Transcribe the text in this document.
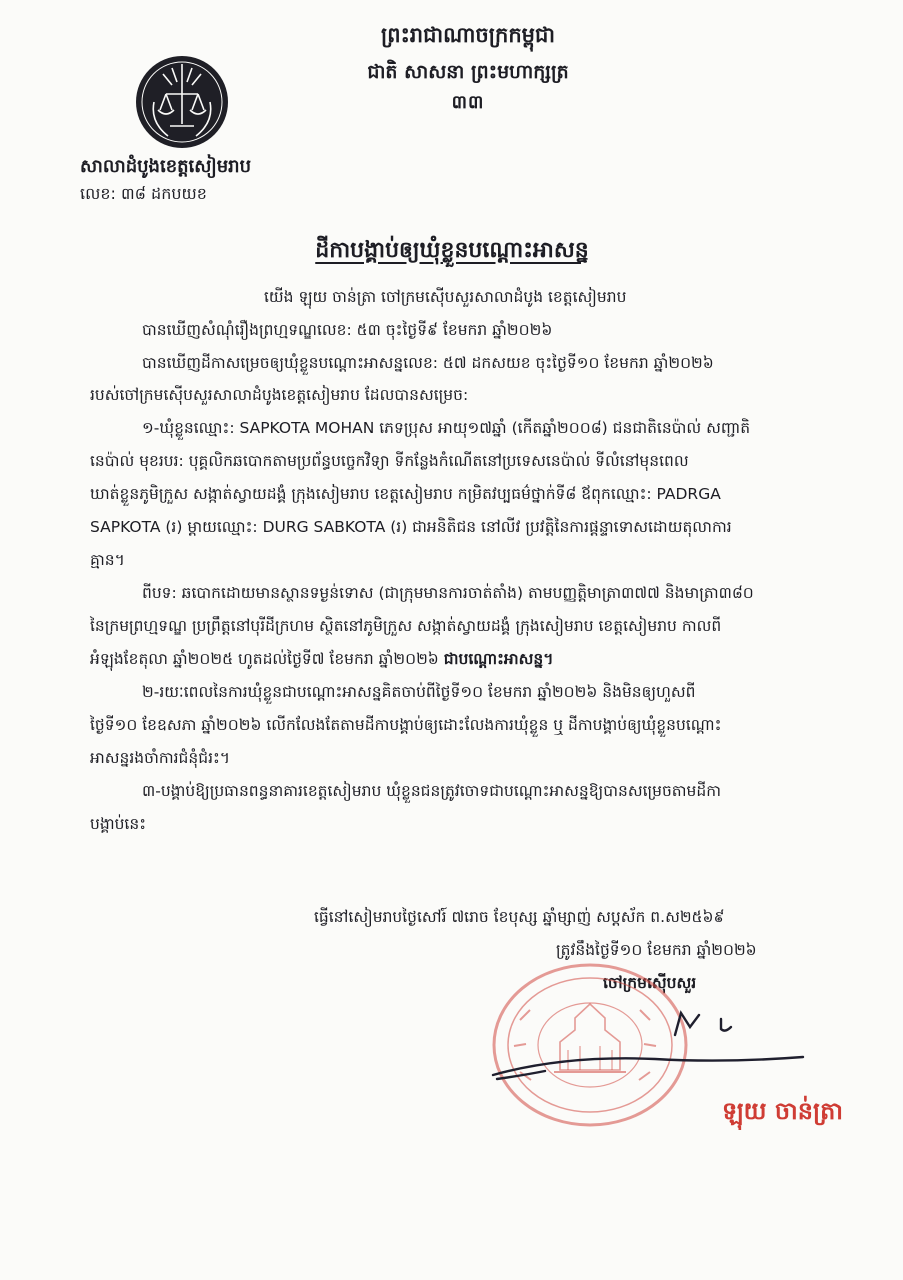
ព្រះរាជាណាចក្រកម្ពុជា
ជាតិ សាសនា ព្រះមហាក្សត្រ
៣៣
សាលាដំបូងខេត្តសៀមរាប
លេខ: ៣៨ ដកបយខ
ដីកាបង្គាប់ឲ្យឃុំខ្លួនបណ្តោះអាសន្ន
យើង ឡុយ ចាន់ត្រា ចៅក្រមស៊ើបសួរសាលាដំបូង ខេត្តសៀមរាប
បានឃើញសំណុំរឿងព្រហ្មទណ្ឌលេខ: ៥៣ ចុះថ្ងៃទី៩ ខែមករា ឆ្នាំ២០២៦
បានឃើញដីកាសម្រេចឲ្យឃុំខ្លួនបណ្តោះអាសន្នលេខ: ៥៧ ដកសយខ ចុះថ្ងៃទី១០ ខែមករា ឆ្នាំ២០២៦
របស់ចៅក្រមស៊ើបសួរសាលាដំបូងខេត្តសៀមរាប ដែលបានសម្រេច:
១-ឃុំខ្លួនឈ្មោះ: SAPKOTA MOHAN ភេទប្រុស អាយុ១៧ឆ្នាំ (កើតឆ្នាំ២០០៨) ជនជាតិនេប៉ាល់ សញ្ជាតិ
នេប៉ាល់ មុខរបរ: បុគ្គលិកឆបោកតាមប្រព័ន្ធបច្ចេកវិទ្យា ទីកន្លែងកំណើតនៅប្រទេសនេប៉ាល់ ទីលំនៅមុនពេល
ឃាត់ខ្លួនភូមិក្រួស សង្កាត់ស្វាយដង្គំ ក្រុងសៀមរាប ខេត្តសៀមរាប កម្រិតវប្បធម៌ថ្នាក់ទី៨ ឪពុកឈ្មោះ: PADRGA
SAPKOTA (រ) ម្ដាយឈ្មោះ: DURG SABKOTA (រ) ជាអនិតិជន នៅលីវ ប្រវត្តិនៃការផ្តន្ទាទោសដោយតុលាការ
គ្មាន។
ពីបទ: ឆបោកដោយមានស្ថានទម្ងន់ទោស (ជាក្រុមមានការចាត់តាំង) តាមបញ្ញត្តិមាត្រា៣៧៧ និងមាត្រា៣៨០
នៃក្រមព្រហ្មទណ្ឌ ប្រព្រឹត្តនៅបុរីដីក្រហម ស្ថិតនៅភូមិក្រួស សង្កាត់ស្វាយដង្គំ ក្រុងសៀមរាប ខេត្តសៀមរាប កាលពី
អំឡុងខែតុលា ឆ្នាំ២០២៥ ហូតដល់ថ្ងៃទី៧ ខែមករា ឆ្នាំ២០២៦ ជាបណ្តោះអាសន្ន។
២-រយៈពេលនៃការឃុំខ្លួនជាបណ្តោះអាសន្នគិតចាប់ពីថ្ងៃទី១០ ខែមករា ឆ្នាំ២០២៦ និងមិនឲ្យហួសពី
ថ្ងៃទី១០ ខែឧសភា ឆ្នាំ២០២៦ លើកលែងតែតាមដីកាបង្គាប់ឲ្យដោះលែងការឃុំខ្លួន ឬ ដីកាបង្គាប់ឲ្យឃុំខ្លួនបណ្តោះ
អាសន្នរងចាំការជំនុំជំរះ។
៣-បង្គាប់ឱ្យប្រធានពន្ធនាគារខេត្តសៀមរាប ឃុំខ្លួនជនត្រូវចោទជាបណ្តោះអាសន្នឱ្យបានសម្រេចតាមដីកា
បង្គាប់នេះ
ធ្វើនៅសៀមរាបថ្ងៃសៅរ៍ ៧រោច ខែបុស្ស ឆ្នាំម្សាញ់ សប្តស័ក ព.ស២៥៦៩
ត្រូវនឹងថ្ងៃទី១០ ខែមករា ឆ្នាំ២០២៦
ចៅក្រមស៊ើបសួរ
ឡុយ ចាន់ត្រា
